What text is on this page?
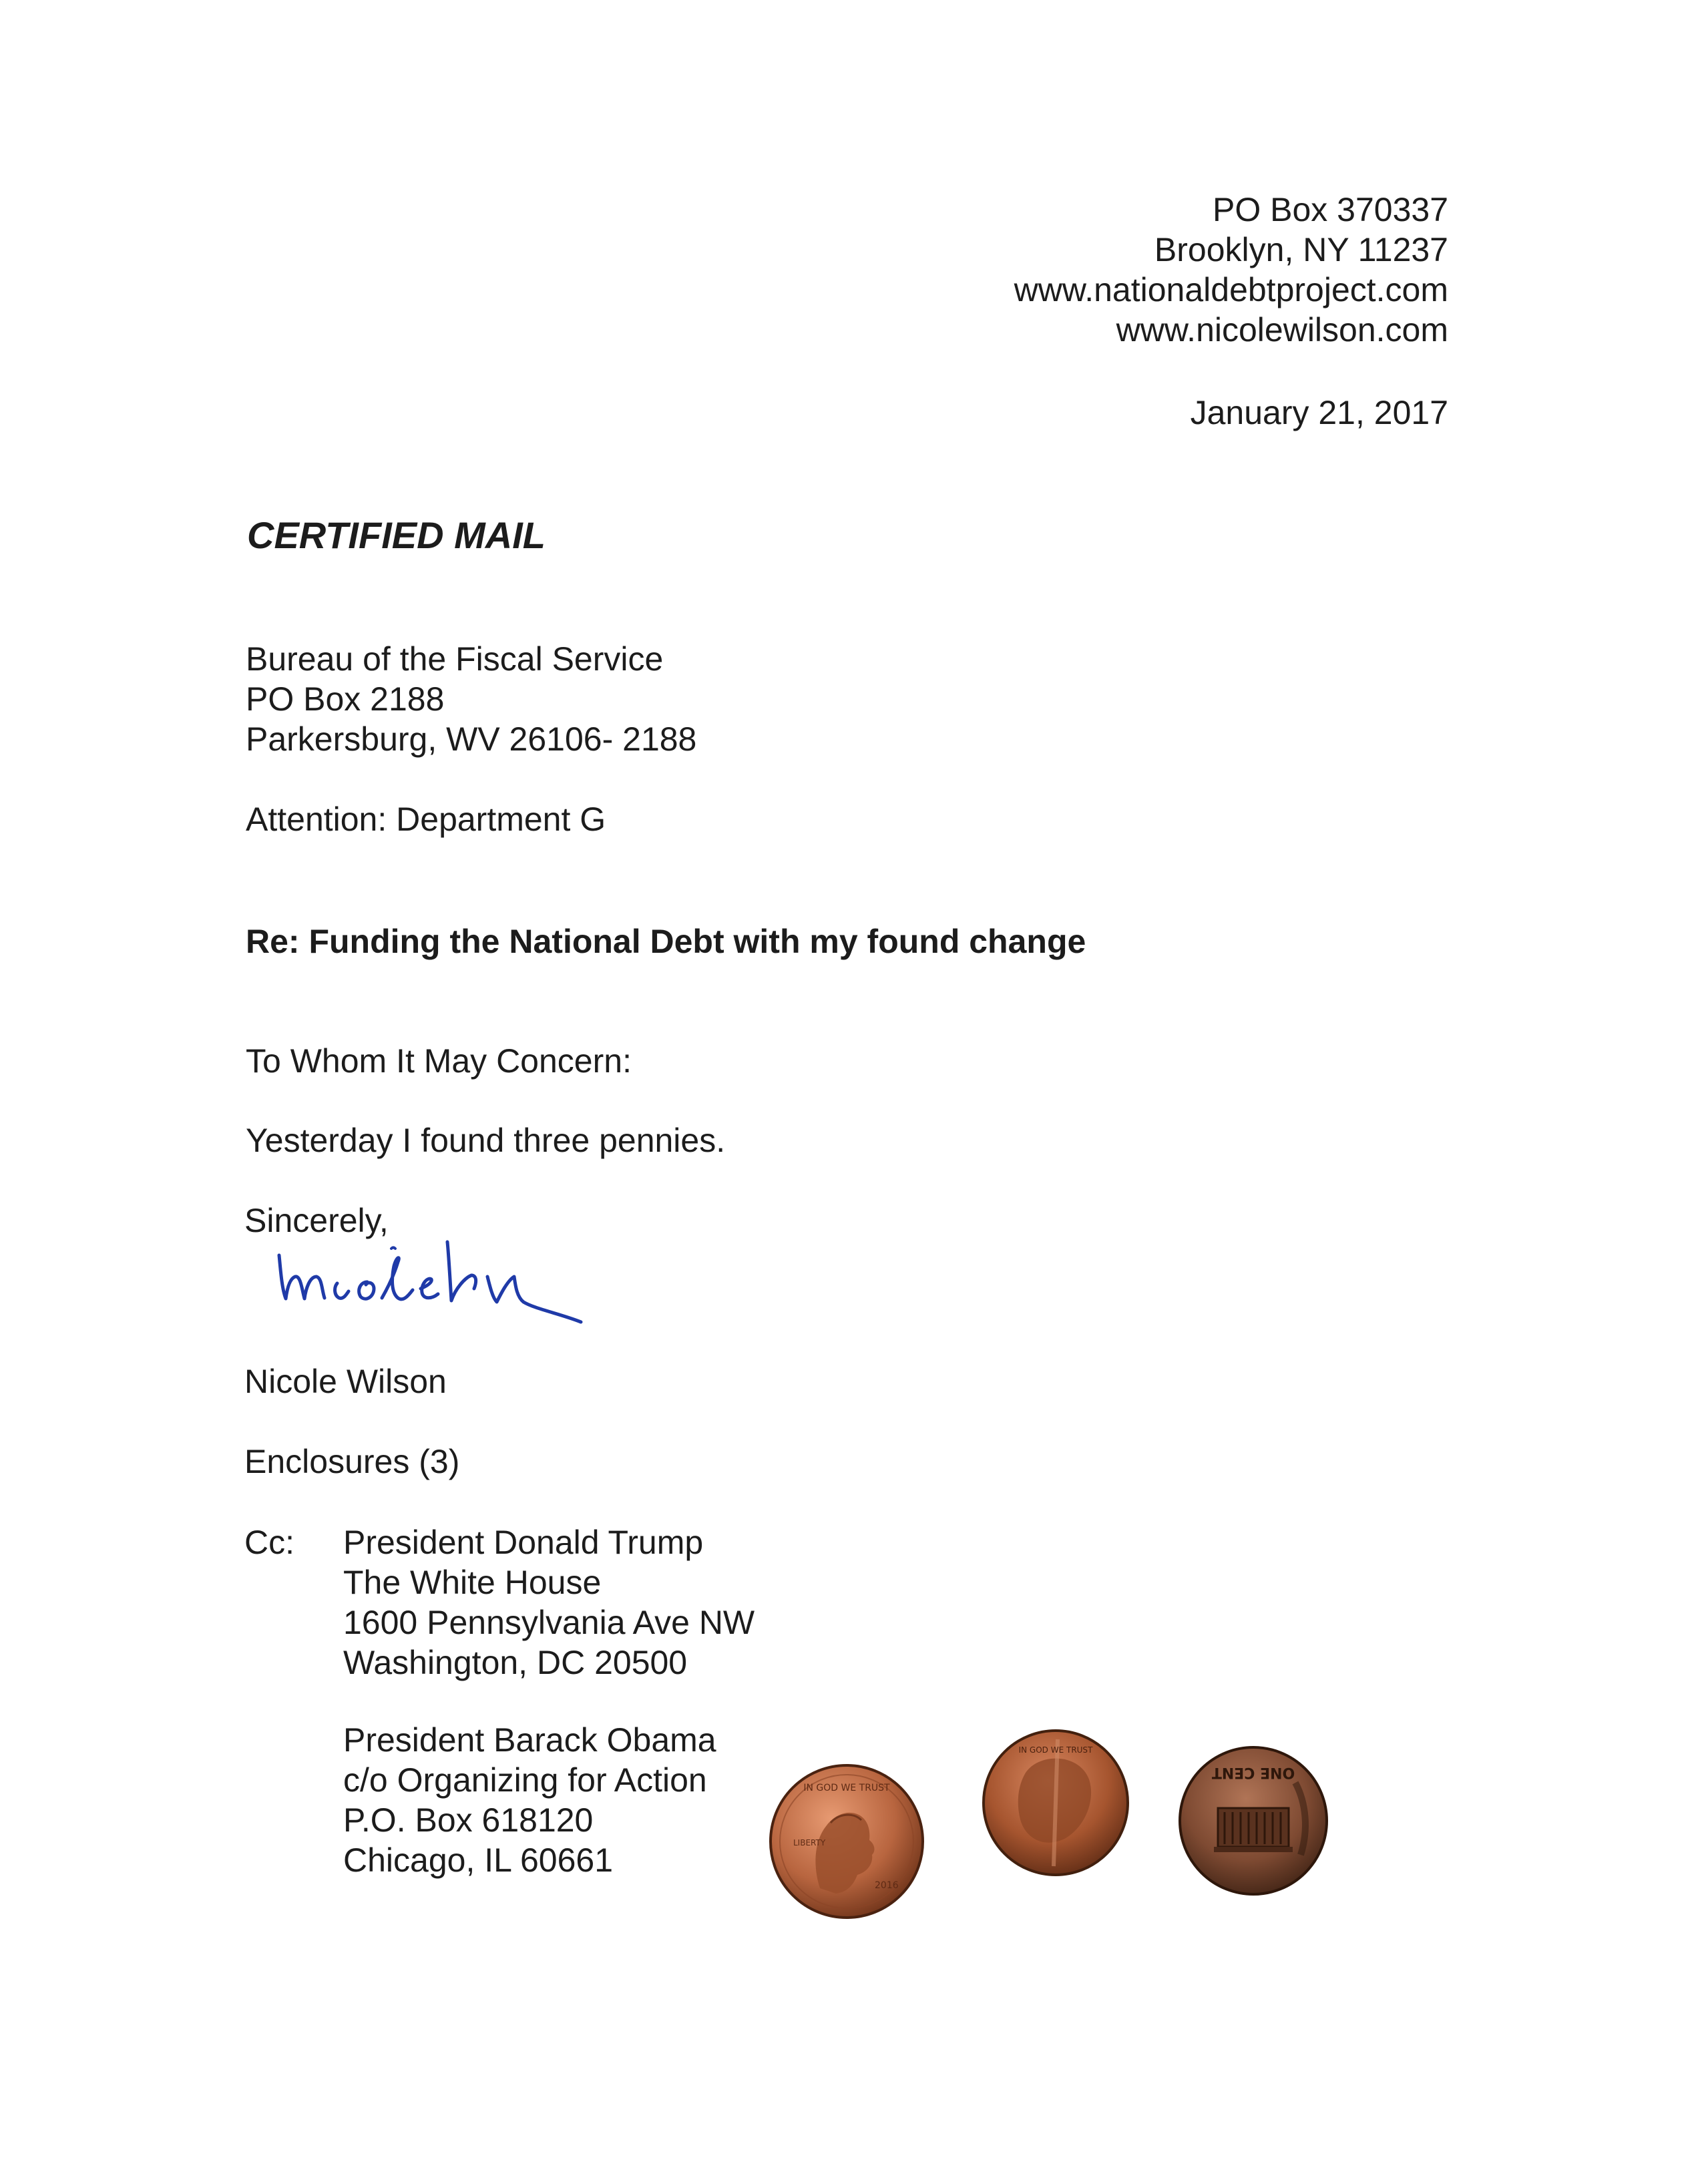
PO Box 370337
Brooklyn, NY 11237
www.nationaldebtproject.com
www.nicolewilson.com
January 21, 2017
CERTIFIED MAIL
Bureau of the Fiscal Service
PO Box 2188
Parkersburg, WV 26106- 2188
Attention: Department G
Re: Funding the National Debt with my found change
To Whom It May Concern:
Yesterday I found three pennies.
Sincerely,
Nicole Wilson
Enclosures (3)
Cc: President Donald Trump
The White House
1600 Pennsylvania Ave NW
Washington, DC 20500
President Barack Obama
c/o Organizing for Action
P.O. Box 618120
Chicago, IL 60661
IN GOD WE TRUST
LIBERTY
2016
IN GOD WE TRUST
ONE CENT
